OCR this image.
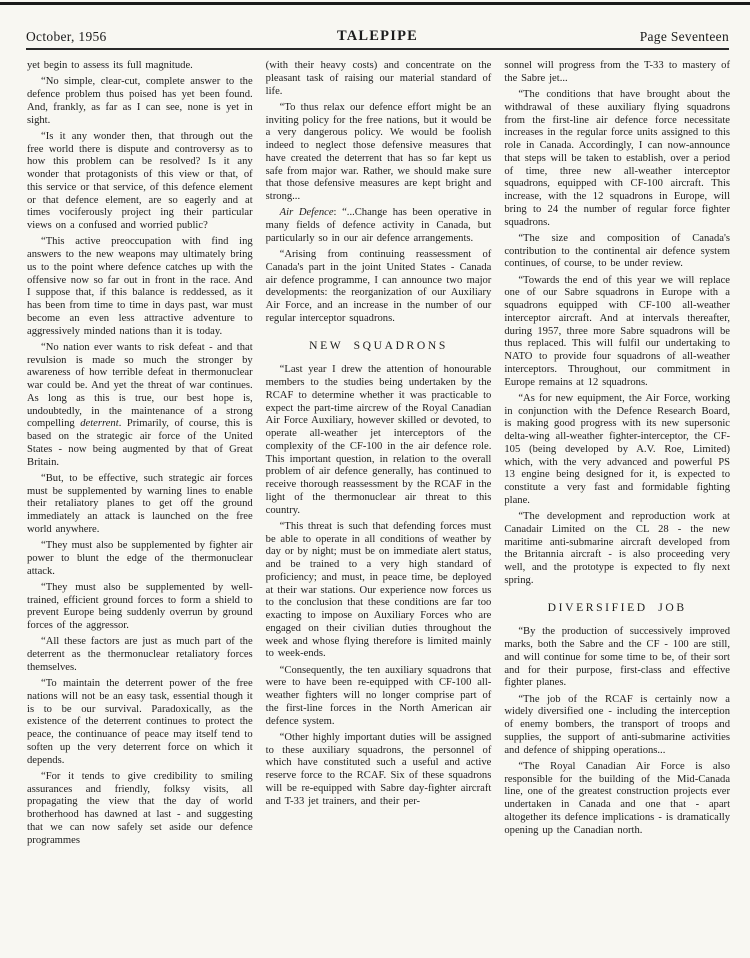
October, 1956	TALEPIPE	Page Seventeen

yet begin to assess its full magnitude.

“No simple, clear-cut, complete answer to the defence problem thus poised has yet been found. And, frankly, as far as I can see, none is yet in sight.

“Is it any wonder then, that through out the free world there is dispute and controversy as to how this problem can be resolved? Is it any wonder that protagonists of this view or that, of this service or that service, of this defence element or that defence element, are so eagerly and at times vociferously project ing their particular views on a confused and worried public?

“This active preoccupation with find ing answers to the new weapons may ultimately bring us to the point where defence catches up with the offensive now so far out in front in the race. And I suppose that, if this balance is reddessed, as it has been from time to time in days past, war must become an even less attractive adventure to aggressively minded nations than it is today.

“No nation ever wants to risk defeat - and that revulsion is made so much the stronger by awareness of how terrible defeat in thermonuclear war could be. And yet the threat of war continues. As long as this is true, our best hope is, undoubtedly, in the maintenance of a strong compelling deterrent. Primarily, of course, this is based on the strategic air force of the United States - now being augmented by that of Great Britain.

“But, to be effective, such strategic air forces must be supplemented by warning lines to enable their retaliatory planes to get off the ground immediately an attack is launched on the free world anywhere.

“They must also be supplemented by fighter air power to blunt the edge of the thermonuclear attack.

“They must also be supplemented by well-trained, efficient ground forces to form a shield to prevent Europe being suddenly overrun by ground forces of the aggressor.

“All these factors are just as much part of the deterrent as the thermonuclear retaliatory forces themselves.

“To maintain the deterrent power of the free nations will not be an easy task, essential though it is to be our survival. Paradoxically, as the existence of the deterrent continues to protect the peace, the continuance of peace may itself tend to soften up the very deterrent force on which it depends.

“For it tends to give credibility to smiling assurances and friendly, folksy visits, all propagating the view that the day of world brotherhood has dawned at last - and suggesting that we can now safely set aside our defence programmes

(with their heavy costs) and concentrate on the pleasant task of raising our material standard of life.

“To thus relax our defence effort might be an inviting policy for the free nations, but it would be a very dangerous policy. We would be foolish indeed to neglect those defensive measures that have created the deterrent that has so far kept us safe from major war. Rather, we should make sure that those defensive measures are kept bright and strong...

Air Defence: “...Change has been operative in many fields of defence activity in Canada, but particularly so in our air defence arrangements.

“Arising from continuing reassessment of Canada's part in the joint United States - Canada air defence programme, I can announce two major developments: the reorganization of our Auxiliary Air Force, and an increase in the number of our regular interceptor squadrons.

NEW SQUADRONS

“Last year I drew the attention of honourable members to the studies being undertaken by the RCAF to determine whether it was practicable to expect the part-time aircrew of the Royal Canadian Air Force Auxiliary, however skilled or devoted, to operate all-weather jet interceptors of the complexity of the CF-100 in the air defence role. This important question, in relation to the overall problem of air defence generally, has continued to receive thorough reassessment by the RCAF in the light of the thermonuclear air threat to this country.

“This threat is such that defending forces must be able to operate in all conditions of weather by day or by night; must be on immediate alert status, and be trained to a very high standard of proficiency; and must, in peace time, be deployed at their war stations. Our experience now forces us to the conclusion that these conditions are far too exacting to impose on Auxiliary Forces who are engaged on their civilian duties throughout the week and whose flying therefore is limited mainly to week-ends.

“Consequently, the ten auxiliary squadrons that were to have been re-equipped with CF-100 all-weather fighters will no longer comprise part of the first-line forces in the North American air defence system.

“Other highly important duties will be assigned to these auxiliary squadrons, the personnel of which have constituted such a useful and active reserve force to the RCAF. Six of these squadrons will be re-equipped with Sabre day-fighter aircraft and T-33 jet trainers, and their per-

sonnel will progress from the T-33 to mastery of the Sabre jet...

“The conditions that have brought about the withdrawal of these auxiliary flying squadrons from the first-line air defence force necessitate increases in the regular force units assigned to this role in Canada. Accordingly, I can now-announce that steps will be taken to establish, over a period of time, three new all-weather interceptor squadrons, equipped with CF-100 aircraft. This increase, with the 12 squadrons in Europe, will bring to 24 the number of regular force fighter squadrons.

“The size and composition of Canada's contribution to the continental air defence system continues, of course, to be under review.

“Towards the end of this year we will replace one of our Sabre squadrons in Europe with a squadrons equipped with CF-100 all-weather interceptor aircraft. And at intervals thereafter, during 1957, three more Sabre squadrons will be thus replaced. This will fulfil our undertaking to NATO to provide four squadrons of all-weather interceptors. Throughout, our commitment in Europe remains at 12 squadrons.

“As for new equipment, the Air Force, working in conjunction with the Defence Research Board, is making good progress with its new supersonic delta-wing all-weather fighter-interceptor, the CF-105 (being developed by A.V. Roe, Limited) which, with the very advanced and powerful PS 13 engine being designed for it, is expected to constitute a very fast and formidable fighting plane.

“The development and reproduction work at Canadair Limited on the CL 28 - the new maritime anti-submarine aircraft developed from the Britannia aircraft - is also proceeding very well, and the prototype is expected to fly next spring.

DIVERSIFIED JOB

“By the production of successively improved marks, both the Sabre and the CF - 100 are still, and will continue for some time to be, of their sort and for their purpose, first-class and effective fighter planes.

“The job of the RCAF is certainly now a widely diversified one - including the interception of enemy bombers, the transport of troops and supplies, the support of anti-submarine activities and defence of shipping operations...

“The Royal Canadian Air Force is also responsible for the building of the Mid-Canada line, one of the greatest construction projects ever undertaken in Canada and one that - apart altogether its defence implications - is dramatically opening up the Canadian north.
